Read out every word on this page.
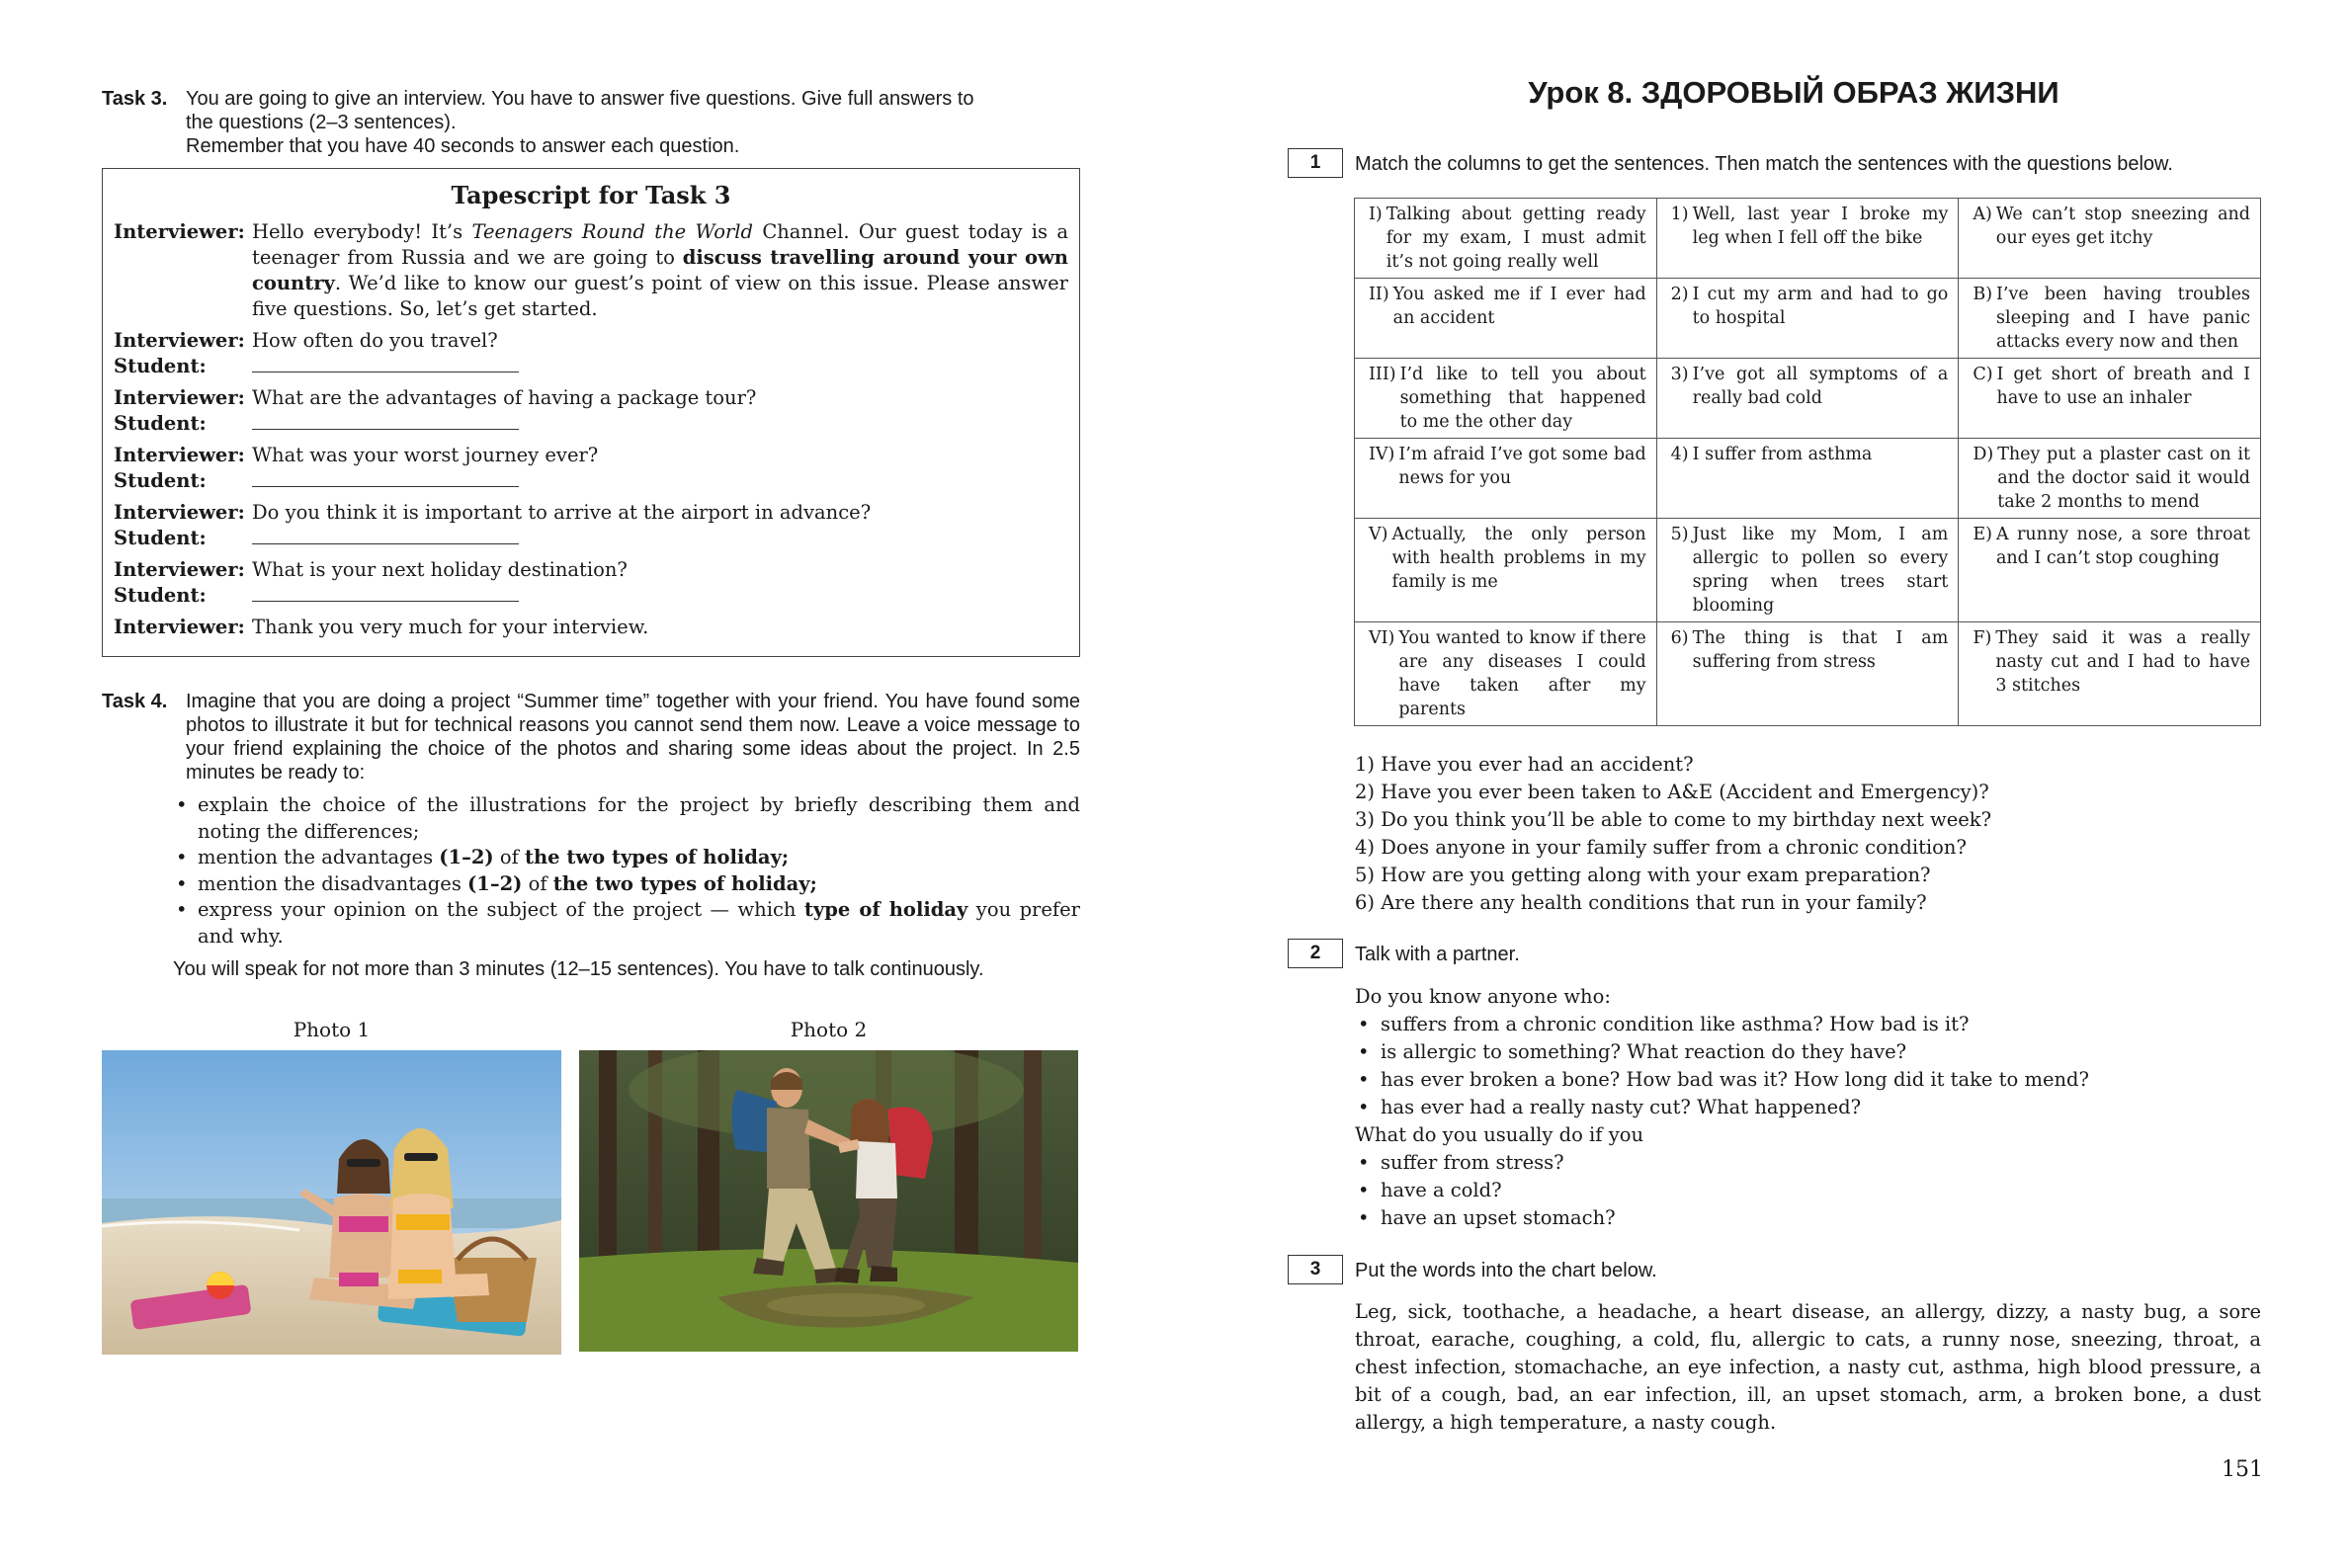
Task 3. You are going to give an interview. You have to answer five questions. Give full answers to
the questions (2–3 sentences).
Remember that you have 40 seconds to answer each question.
Tapescript for Task 3
Interviewer: Hello everybody! It’s Teenagers Round the World Channel. Our guest today is a teenager from Russia and we are going to discuss travelling around your own country. We’d like to know our guest’s point of view on this issue. Please answer five questions. So, let’s get started.
Interviewer: How often do you travel?
Student:
Interviewer: What are the advantages of having a package tour?
Student:
Interviewer: What was your worst journey ever?
Student:
Interviewer: Do you think it is important to arrive at the airport in advance?
Student:
Interviewer: What is your next holiday destination?
Student:
Interviewer: Thank you very much for your interview.
Task 4. Imagine that you are doing a project “Summer time” together with your friend. You have found some photos to illustrate it but for technical reasons you cannot send them now. Leave a voice message to your friend explaining the choice of the photos and sharing some ideas about the project. In 2.5 minutes be ready to:
• explain the choice of the illustrations for the project by briefly describing them and noting the differences;
• mention the advantages (1–2) of the two types of holiday;
• mention the disadvantages (1–2) of the two types of holiday;
• express your opinion on the subject of the project — which type of holiday you prefer and why.
You will speak for not more than 3 minutes (12–15 sentences). You have to talk continuously.
Photo 1	Photo 2
Урок 8. ЗДОРОВЫЙ ОБРАЗ ЖИЗНИ
1	Match the columns to get the sentences. Then match the sentences with the questions below.
I) Talking about getting ready for my exam, I must admit it’s not going really well	1) Well, last year I broke my leg when I fell off the bike	A) We can’t stop sneezing and our eyes get itchy

II) You asked me if I ever had an accident	2) I cut my arm and had to go to hospital	B) I’ve been having troubles sleeping and I have panic attacks every now and then

III) I’d like to tell you about something that happened to me the other day	3) I’ve got all symptoms of a really bad cold	C) I get short of breath and I have to use an inhaler

IV) I’m afraid I’ve got some bad news for you	4) I suffer from asthma	D) They put a plaster cast on it and the doctor said it would take 2 months to mend

V) Actually, the only person with health problems in my family is me	5) Just like my Mom, I am allergic to pollen so every spring when trees start blooming	E) A runny nose, a sore throat and I can’t stop coughing

VI) You wanted to know if there are any diseases I could have taken after my parents	6) The thing is that I am suffering from stress	F) They said it was a really nasty cut and I had to have 3 stitches
1) Have you ever had an accident?
2) Have you ever been taken to A&E (Accident and Emergency)?
3) Do you think you’ll be able to come to my birthday next week?
4) Does anyone in your family suffer from a chronic condition?
5) How are you getting along with your exam preparation?
6) Are there any health conditions that run in your family?
2	Talk with a partner.
Do you know anyone who:
• suffers from a chronic condition like asthma? How bad is it?
• is allergic to something? What reaction do they have?
• has ever broken a bone? How bad was it? How long did it take to mend?
• has ever had a really nasty cut? What happened?
What do you usually do if you
• suffer from stress?
• have a cold?
• have an upset stomach?
3	Put the words into the chart below.
Leg, sick, toothache, a headache, a heart disease, an allergy, dizzy, a nasty bug, a sore throat, earache, coughing, a cold, flu, allergic to cats, a runny nose, sneezing, throat, a chest infection, stomachache, an eye infection, a nasty cut, asthma, high blood pressure, a bit of a cough, bad, an ear infection, ill, an upset stomach, arm, a broken bone, a dust allergy, a high temperature, a nasty cough.
151
